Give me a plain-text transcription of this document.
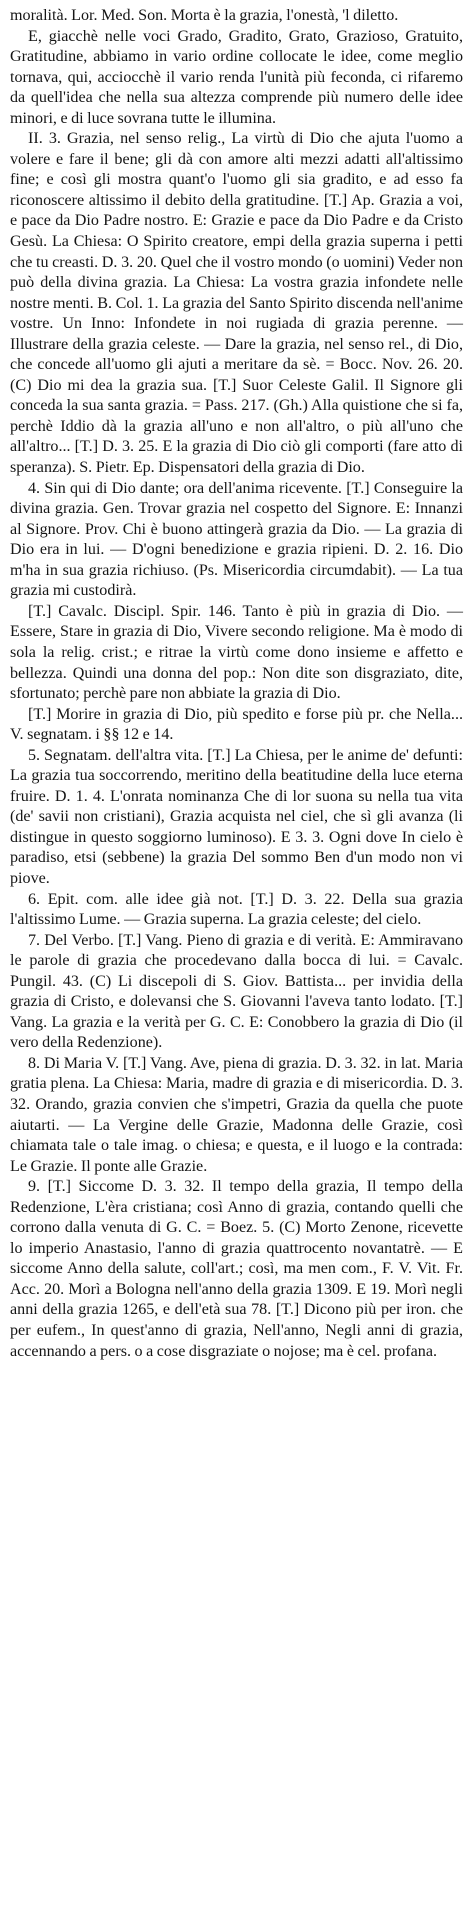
moralità. Lor. Med. Son. Morta è la grazia, l'onestà, 'l diletto.

E, giacchè nelle voci Grado, Gradito, Grato, Grazioso, Gratuito, Gratitudine, abbiamo in vario ordine collocate le idee, come meglio tornava, qui, acciocchè il vario renda l'unità più feconda, ci rifaremo da quell'idea che nella sua altezza comprende più numero delle idee minori, e di luce sovrana tutte le illumina.

II. 3. Grazia, nel senso relig., La virtù di Dio che ajuta l'uomo a volere e fare il bene; gli dà con amore alti mezzi adatti all'altissimo fine; e così gli mostra quant'o l'uomo gli sia gradito, e ad esso fa riconoscere altissimo il debito della gratitudine. [T.] Ap. Grazia a voi, e pace da Dio Padre nostro. E: Grazie e pace da Dio Padre e da Cristo Gesù. La Chiesa: O Spirito creatore, empi della grazia superna i petti che tu creasti. D. 3. 20. Quel che il vostro mondo (o uomini) Veder non può della divina grazia. La Chiesa: La vostra grazia infondete nelle nostre menti. B. Col. 1. La grazia del Santo Spirito discenda nell'anime vostre. Un Inno: Infondete in noi rugiada di grazia perenne. — Illustrare della grazia celeste. — Dare la grazia, nel senso rel., di Dio, che concede all'uomo gli ajuti a meritare da sè. = Bocc. Nov. 26. 20. (C) Dio mi dea la grazia sua. [T.] Suor Celeste Galil. Il Signore gli conceda la sua santa grazia. = Pass. 217. (Gh.) Alla quistione che si fa, perchè Iddio dà la grazia all'uno e non all'altro, o più all'uno che all'altro... [T.] D. 3. 25. E la grazia di Dio ciò gli comporti (fare atto di speranza). S. Pietr. Ep. Dispensatori della grazia di Dio.

4. Sin qui di Dio dante; ora dell'anima ricevente. [T.] Conseguire la divina grazia. Gen. Trovar grazia nel cospetto del Signore. E: Innanzi al Signore. Prov. Chi è buono attingerà grazia da Dio. — La grazia di Dio era in lui. — D'ogni benedizione e grazia ripieni. D. 2. 16. Dio m'ha in sua grazia richiuso. (Ps. Misericordia circumdabit). — La tua grazia mi custodirà.

[T.] Cavalc. Discipl. Spir. 146. Tanto è più in grazia di Dio. — Essere, Stare in grazia di Dio, Vivere secondo religione. Ma è modo di sola la relig. crist.; e ritrae la virtù come dono insieme e affetto e bellezza. Quindi una donna del pop.: Non dite son disgraziato, dite, sfortunato; perchè pare non abbiate la grazia di Dio.

[T.] Morire in grazia di Dio, più spedito e forse più pr. che Nella... V. segnatam. i §§ 12 e 14.

5. Segnatam. dell'altra vita. [T.] La Chiesa, per le anime de' defunti: La grazia tua soccorrendo, meritino della beatitudine della luce eterna fruire. D. 1. 4. L'onrata nominanza Che di lor suona su nella tua vita (de' savii non cristiani), Grazia acquista nel ciel, che sì gli avanza (li distingue in questo soggiorno luminoso). E 3. 3. Ogni dove In cielo è paradiso, etsi (sebbene) la grazia Del sommo Ben d'un modo non vi piove.

6. Epit. com. alle idee già not. [T.] D. 3. 22. Della sua grazia l'altissimo Lume. — Grazia superna. La grazia celeste; del cielo.

7. Del Verbo. [T.] Vang. Pieno di grazia e di verità. E: Ammiravano le parole di grazia che procedevano dalla bocca di lui. = Cavalc. Pungil. 43. (C) Li discepoli di S. Giov. Battista... per invidia della grazia di Cristo, e dolevansi che S. Giovanni l'aveva tanto lodato. [T.] Vang. La grazia e la verità per G. C. E: Conobbero la grazia di Dio (il vero della Redenzione).

8. Di Maria V. [T.] Vang. Ave, piena di grazia. D. 3. 32. in lat. Maria gratia plena. La Chiesa: Maria, madre di grazia e di misericordia. D. 3. 32. Orando, grazia convien che s'impetri, Grazia da quella che puote aiutarti. — La Vergine delle Grazie, Madonna delle Grazie, così chiamata tale o tale imag. o chiesa; e questa, e il luogo e la contrada: Le Grazie. Il ponte alle Grazie.

9. [T.] Siccome D. 3. 32. Il tempo della grazia, Il tempo della Redenzione, L'èra cristiana; così Anno di grazia, contando quelli che corrono dalla venuta di G. C. = Boez. 5. (C) Morto Zenone, ricevette lo imperio Anastasio, l'anno di grazia quattrocento novantatrè. — E siccome Anno della salute, coll'art.; così, ma men com., F. V. Vit. Fr. Acc. 20. Morì a Bologna nell'anno della grazia 1309. E 19. Morì negli anni della grazia 1265, e dell'età sua 78. [T.] Dicono più per iron. che per eufem., In quest'anno di grazia, Nell'anno, Negli anni di grazia, accennando a pers. o a cose disgraziate o nojose; ma è cel. profana.
